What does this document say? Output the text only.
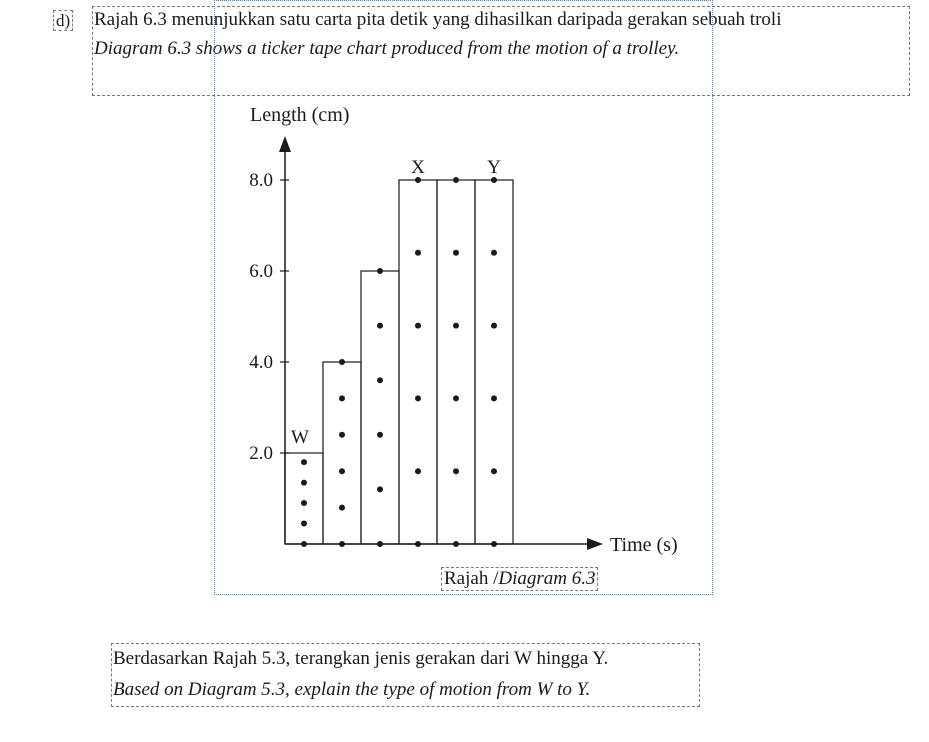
d) Rajah 6.3 menunjukkan satu carta pita detik yang dihasilkan daripada gerakan sebuah troli
Diagram 6.3 shows a ticker tape chart produced from the motion of a trolley.
2.0
4.0
6.0
8.0
W
X	Y
Length (cm)
Time (s)
Rajah /Diagram 6.3
Berdasarkan Rajah 5.3, terangkan jenis gerakan dari W hingga Y.
Based on Diagram 5.3, explain the type of motion from W to Y.
